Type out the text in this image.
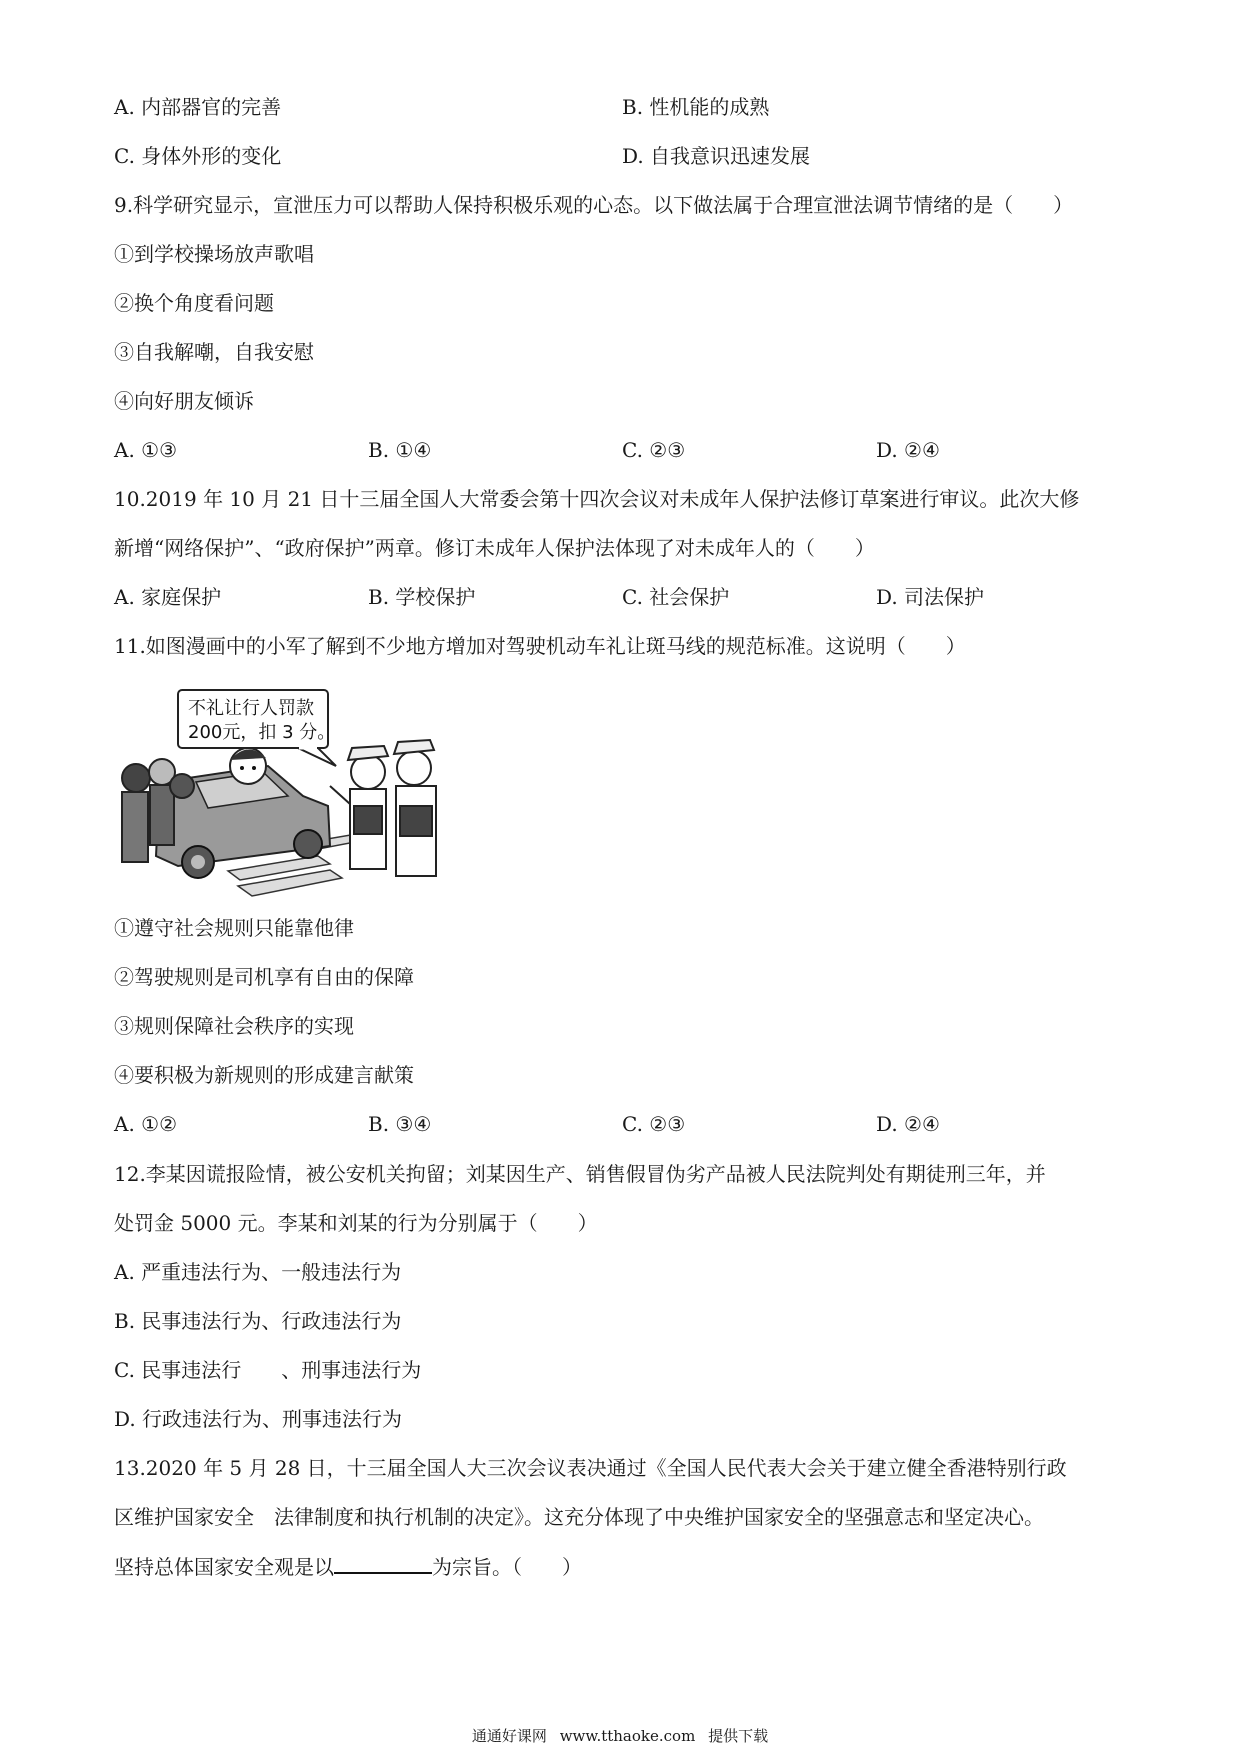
A. 内部器官的完善	B. 性机能的成熟
C. 身体外形的变化	D. 自我意识迅速发展
9.科学研究显示，宣泄压力可以帮助人保持积极乐观的心态。以下做法属于合理宣泄法调节情绪的是（　　）
①到学校操场放声歌唱
②换个角度看问题
③自我解嘲，自我安慰
④向好朋友倾诉
A. ①③	B. ①④	C. ②③	D. ②④
10.2019 年 10 月 21 日十三届全国人大常委会第十四次会议对未成年人保护法修订草案进行审议。此次大修
新增“网络保护”、“政府保护”两章。修订未成年人保护法体现了对未成年人的（　　）
A. 家庭保护	B. 学校保护	C. 社会保护	D. 司法保护
11.如图漫画中的小军了解到不少地方增加对驾驶机动车礼让斑马线的规范标准。这说明（　　）
不礼让行人罚款
200元，扣 3 分。
①遵守社会规则只能靠他律
②驾驶规则是司机享有自由的保障
③规则保障社会秩序的实现
④要积极为新规则的形成建言献策
A. ①②	B. ③④	C. ②③	D. ②④
12.李某因谎报险情，被公安机关拘留；刘某因生产、销售假冒伪劣产品被人民法院判处有期徒刑三年，并
处罚金 5000 元。李某和刘某的行为分别属于（　　）
A. 严重违法行为、一般违法行为
B. 民事违法行为、行政违法行为
C. 民事违法行　　、刑事违法行为
D. 行政违法行为、刑事违法行为
13.2020 年 5 月 28 日，十三届全国人大三次会议表决通过《全国人民代表大会关于建立健全香港特别行政
区维护国家安全　法律制度和执行机制的决定》。这充分体现了中央维护国家安全的坚强意志和坚定决心。
坚持总体国家安全观是以	为宗旨。（　　）
通通好课网 www.tthaoke.com 提供下载
